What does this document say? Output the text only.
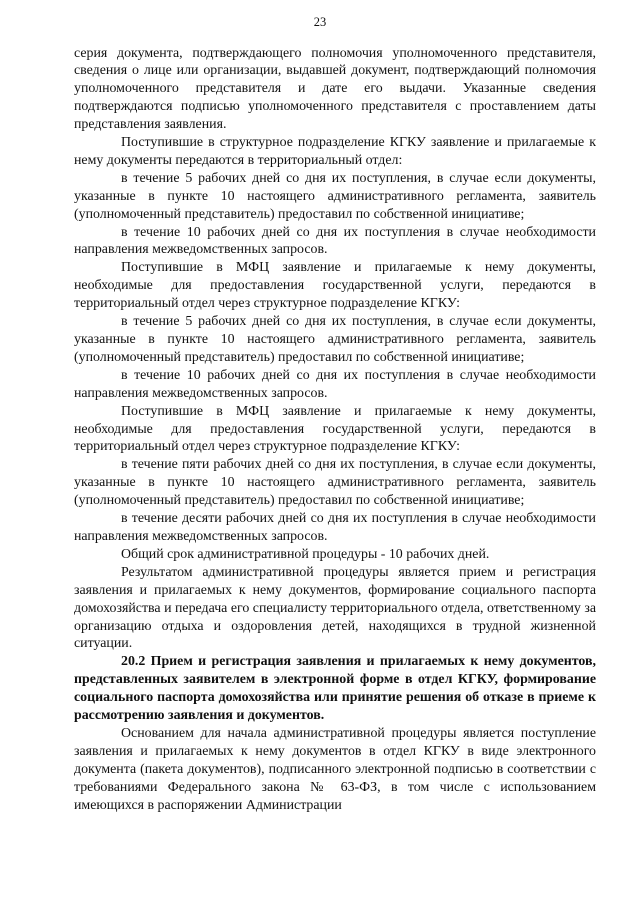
23

серия документа, подтверждающего полномочия уполномоченного представителя, сведения о лице или организации, выдавшей документ, подтверждающий полномочия уполномоченного представителя и дате его выдачи. Указанные сведения подтверждаются подписью уполномоченного представителя с проставлением даты представления заявления.

Поступившие в структурное подразделение КГКУ заявление и прилагаемые к нему документы передаются в территориальный отдел:

в течение 5 рабочих дней со дня их поступления, в случае если документы, указанные в пункте 10 настоящего административного регламента, заявитель (уполномоченный представитель) предоставил по собственной инициативе;

в течение 10 рабочих дней со дня их поступления в случае необходимости направления межведомственных запросов.

Поступившие в МФЦ заявление и прилагаемые к нему документы, необходимые для предоставления государственной услуги, передаются в территориальный отдел через структурное подразделение КГКУ:

в течение 5 рабочих дней со дня их поступления, в случае если документы, указанные в пункте 10 настоящего административного регламента, заявитель (уполномоченный представитель) предоставил по собственной инициативе;

в течение 10 рабочих дней со дня их поступления в случае необходимости направления межведомственных запросов.

Поступившие в МФЦ заявление и прилагаемые к нему документы, необходимые для предоставления государственной услуги, передаются в территориальный отдел через структурное подразделение КГКУ:

в течение пяти рабочих дней со дня их поступления, в случае если документы, указанные в пункте 10 настоящего административного регламента, заявитель (уполномоченный представитель) предоставил по собственной инициативе;

в течение десяти рабочих дней со дня их поступления в случае необходимости направления межведомственных запросов.

Общий срок административной процедуры - 10 рабочих дней.

Результатом административной процедуры является прием и регистрация заявления и прилагаемых к нему документов, формирование социального паспорта домохозяйства и передача его специалисту территориального отдела, ответственному за организацию отдыха и оздоровления детей, находящихся в трудной жизненной ситуации.

20.2 Прием и регистрация заявления и прилагаемых к нему документов, представленных заявителем в электронной форме в отдел КГКУ, формирование социального паспорта домохозяйства или принятие решения об отказе в приеме к рассмотрению заявления и документов.

Основанием для начала административной процедуры является поступление заявления и прилагаемых к нему документов в отдел КГКУ в виде электронного документа (пакета документов), подписанного электронной подписью в соответствии с требованиями Федерального закона № 63-ФЗ, в том числе с использованием имеющихся в распоряжении Администрации
